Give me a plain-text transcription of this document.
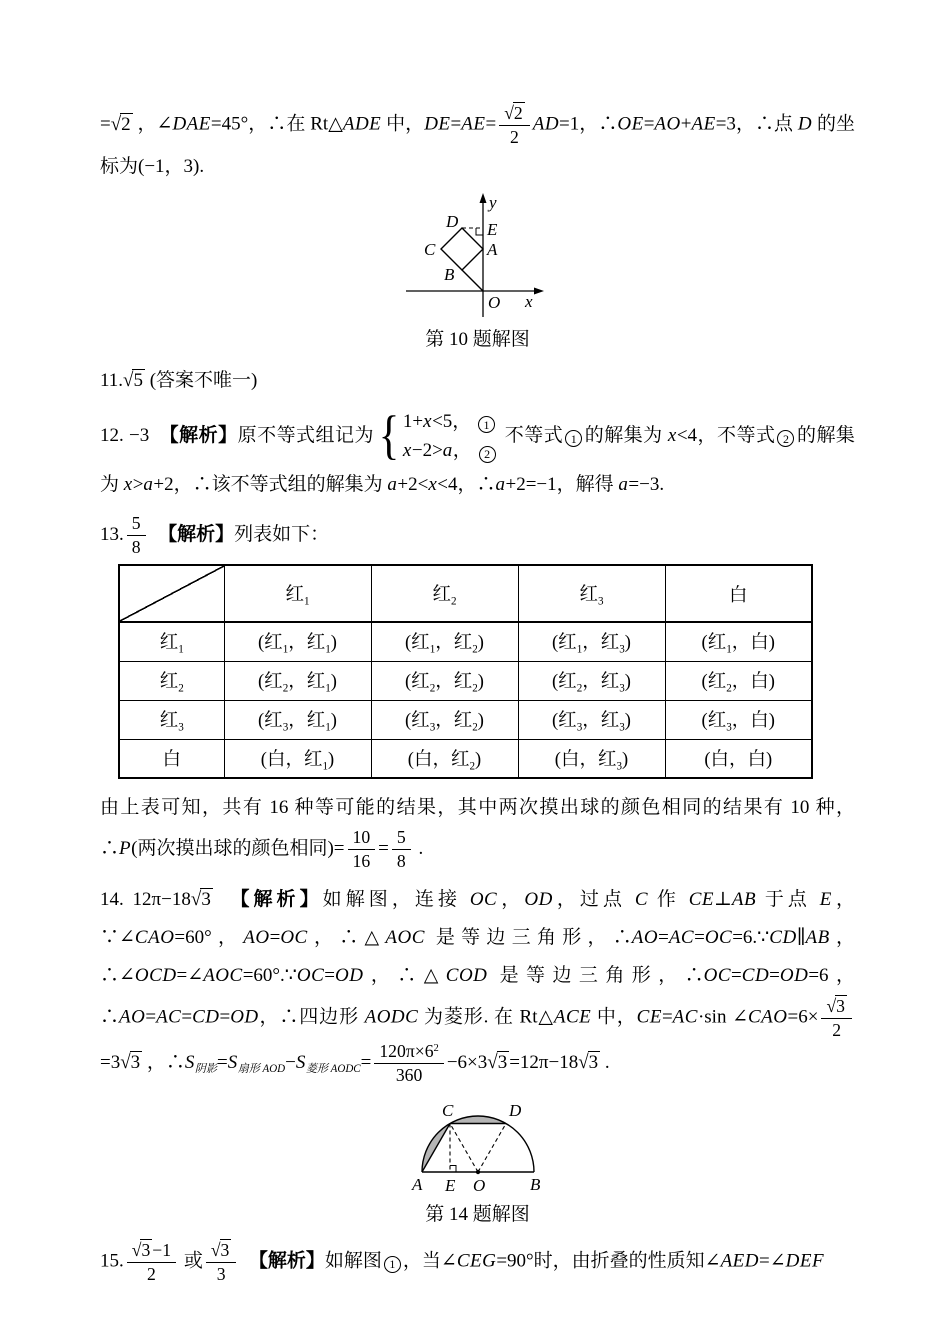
=√2 ，∠DAE=45°，∴在 Rt△ADE 中，$DE=AE= \frac{√2}{2} AD=1$，∴OE=AO+AE=3，∴点 D 的坐标为(−1，3).
y
x
O
A
E
D
C
B
第 10 题解图
11.√5 (答案不唯一)
12. −3　【解析】原不等式组记为 { 1+x<5， 1
x−2>a， 2
不等式 1 的解集为 x<4，不等式 2 的解集为 x>a+2，∴该不等式组的解集为 a+2<x<4，∴a+2=−1，解得 a=−3.
13. $\frac{5}{8}$
　 【解析】列表如下：
	红$_1$	红$_2$	红$_3$	白
红$_1$	(红$_1$，红$_1$)	(红$_1$，红$_2$)	(红$_1$，红$_3$)	(红$_1$，白)
红$_2$	(红$_2$，红$_1$)	(红$_2$，红$_2$)	(红$_2$，红$_3$)	(红$_2$，白)
红$_3$	(红$_3$，红$_1$)	(红$_3$，红$_2$)	(红$_3$，红$_3$)	(红$_3$，白)
白	(白，红$_1$)	(白，红$_2$)	(白，红$_3$)	(白，白)
由上表可知，共有 16 种等可能的结果，其中两次摸出球的颜色相同的结果有 10 种，∴P(两次摸出球的颜色相同)= $\frac{10}{16} = \frac{5}{8}$ .
14. 12π−18√3　 【解析】如解图，连接 OC，OD，过点 C 作 CE⊥AB 于点 E，∵∠CAO=60°，AO=OC，∴△AOC 是等边三角形，∴AO=AC=OC=6.∵CD∥AB，∴∠OCD=∠AOC=60°.∵OC=OD，∴△COD 是等边三角形，∴OC=CD=OD=6，∴AO=AC=CD=OD，∴四边形 AODC 为菱形. 在 Rt△ACE 中，CE=AC·sin ∠CAO=6× $\frac{√3}{2}$
=3√3 ，$\therefore S_{阴影}=S_{扇形 AOD}-S_{菱形 AODC}= \frac{120\pi\times 6^2}{360} -6\times 3√3 =12\pi-18√3$ .
C	D
A E O	B
第 14 题解图
15. $\frac{√3 -1}{2}$ 或 $\frac{√3}{3}$
　 【解析】如解图 1 ，当∠CEG=90°时，由折叠的性质知∠AED=∠DEF
